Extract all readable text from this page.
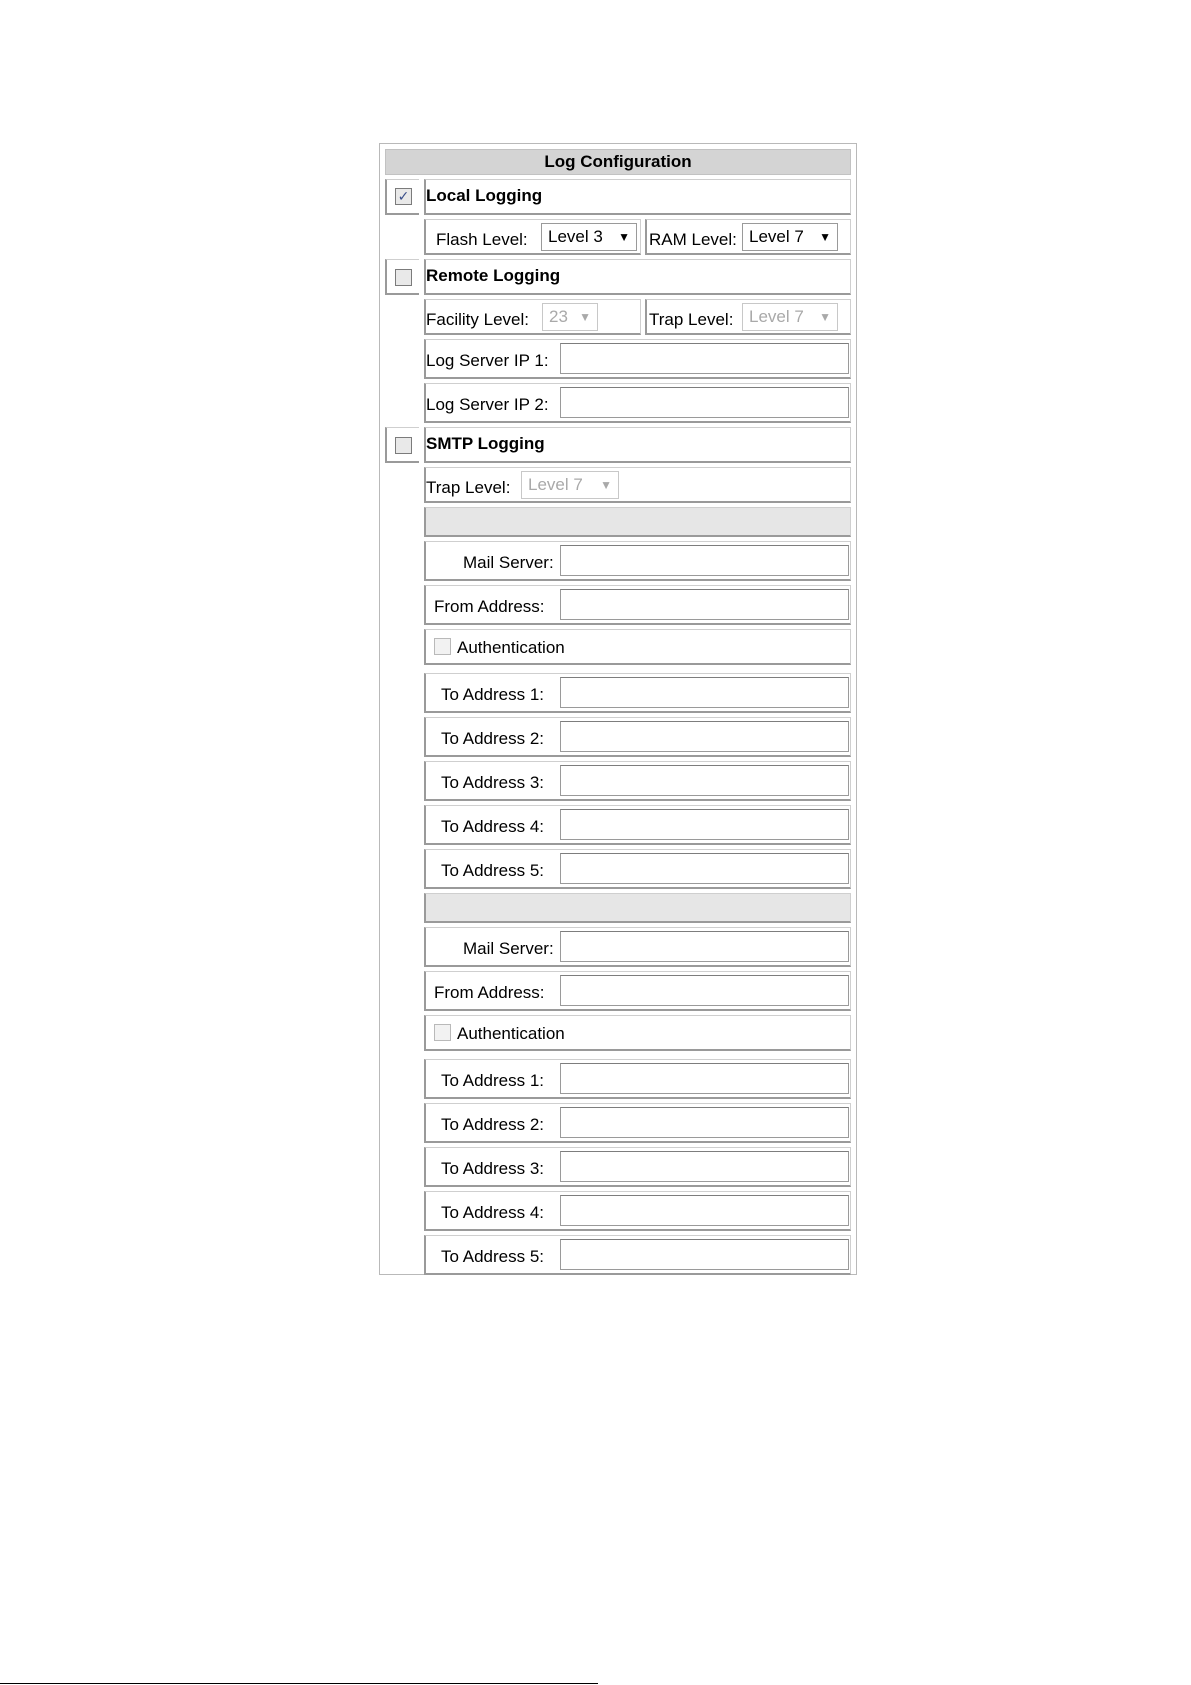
Log Configuration
✓ Local Logging
Flash Level:	Level 3 ▼ RAM Level: Level 7 ▼
Remote Logging
Facility Level:	23 ▼	Trap Level: Level 7 ▼
Log Server IP 1:
Log Server IP 2:
SMTP Logging
Trap Level:	Level 7 ▼
Mail Server:
From Address:
Authentication
To Address 1:
To Address 2:
To Address 3:
To Address 4:
To Address 5:
Mail Server:
From Address:
Authentication
To Address 1:
To Address 2:
To Address 3:
To Address 4:
To Address 5:
